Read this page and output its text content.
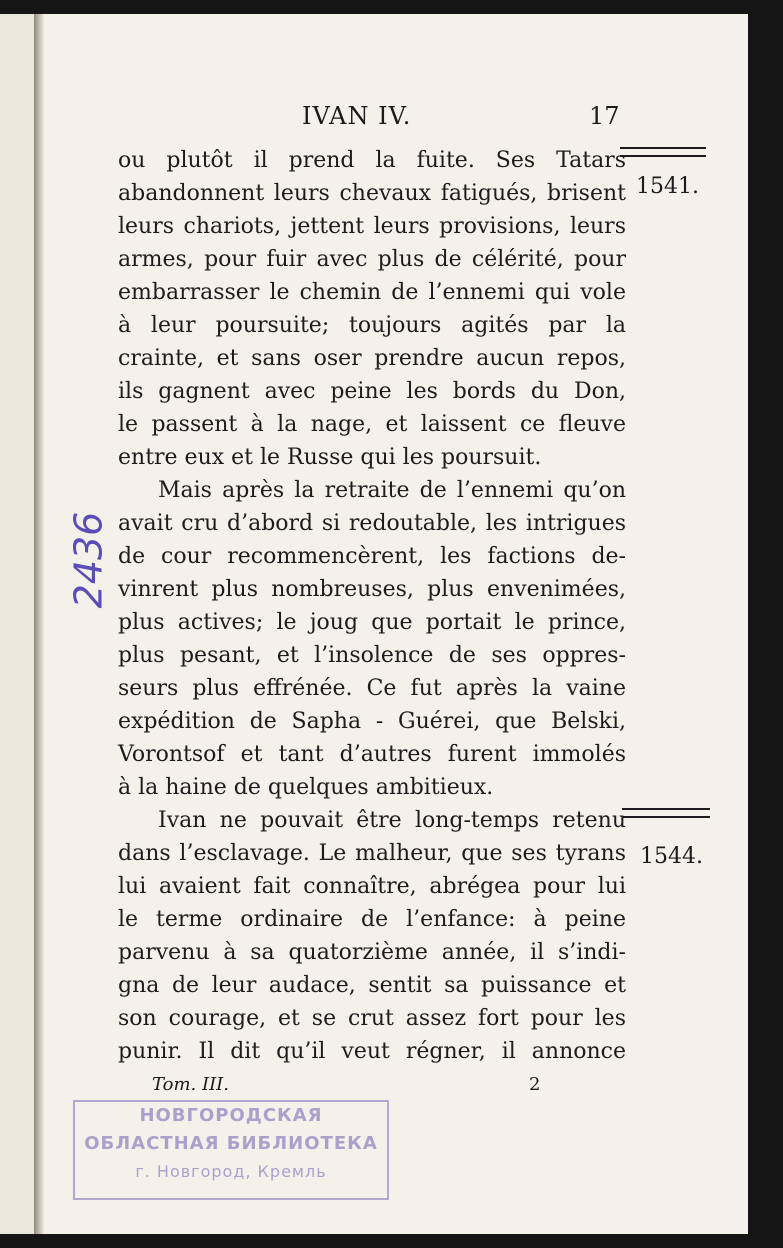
IVAN IV.	17
1541.
1544.

ou plutôt il prend la fuite. Ses Tatars
abandonnent leurs chevaux fatigués, brisent
leurs chariots, jettent leurs provisions, leurs
armes, pour fuir avec plus de célérité, pour
embarrasser le chemin de l’ennemi qui vole
à leur poursuite; toujours agités par la
crainte, et sans oser prendre aucun repos,
ils gagnent avec peine les bords du Don,
le passent à la nage, et laissent ce fleuve
entre eux et le Russe qui les poursuit.

Mais après la retraite de l’ennemi qu’on
avait cru d’abord si redoutable, les intrigues
de cour recommencèrent, les factions de-
vinrent plus nombreuses, plus envenimées,
plus actives; le joug que portait le prince,
plus pesant, et l’insolence de ses oppres-
seurs plus effrénée. Ce fut après la vaine
expédition de Sapha - Guérei, que Belski,
Vorontsof et tant d’autres furent immolés
à la haine de quelques ambitieux.

Ivan ne pouvait être long-temps retenu
dans l’esclavage. Le malheur, que ses tyrans
lui avaient fait connaître, abrégea pour lui
le terme ordinaire de l’enfance: à peine
parvenu à sa quatorzième année, il s’indi-
gna de leur audace, sentit sa puissance et
son courage, et se crut assez fort pour les
punir. Il dit qu’il veut régner, il annonce

Tom. III.	2
2436
НОВГОРОДСКАЯ
ОБЛАСТНАЯ БИБЛИОТЕКА
г. Новгород, Кремль
